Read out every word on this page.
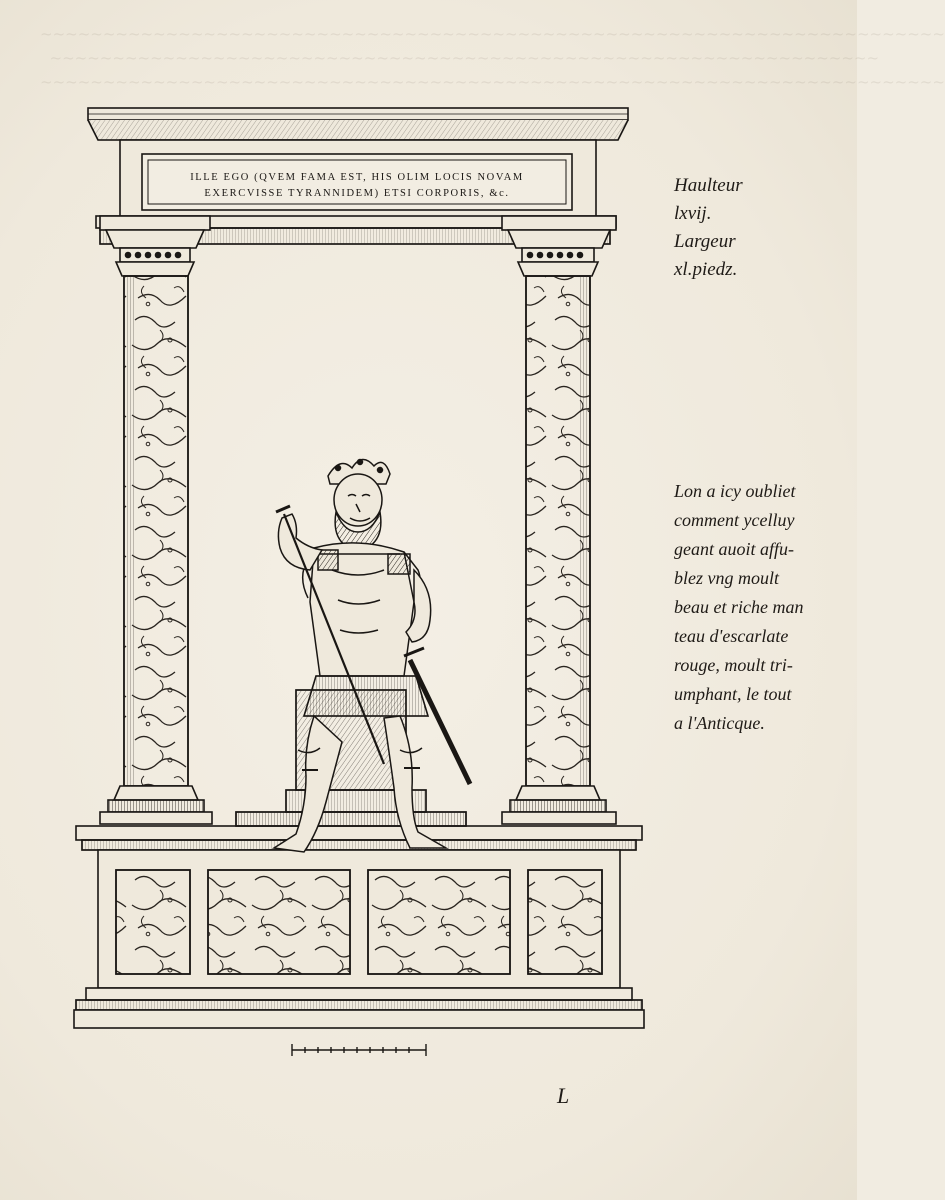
~~~~~~~~~~~~~~~~~~~~~~~~~~~~~~~~~~~~~~~~~~~~~~~~~~~~~~~~~~~~~~~~~~~~~~~~
~~~~~~~~~~~~~~~~~~~~~~~~~~~~~~~~~~~~~~~~~~~~~~~~~~~~~~~~~~~~~~~~~~
~~~~~~~~~~~~~~~~~~~~~~~~~~~~~~~~~~~~~~~~~~~~~~~~~~~~~~~~~~~~~~~~~~~~~~~~
ILLE EGO (QVEM FAMA EST, HIS OLIM LOCIS NOVAM
EXERCVISSE TYRANNIDEM) ETSI CORPORIS, &c.	Haulteur
lxvij.
Largeur
xl.piedz.
Lon a icy oubliet
comment ycelluy
geant auoit affu-
blez vng moult
beau et riche man
teau d'escarlate
rouge, moult tri-
umphant, le tout
a l'Anticque.
L
